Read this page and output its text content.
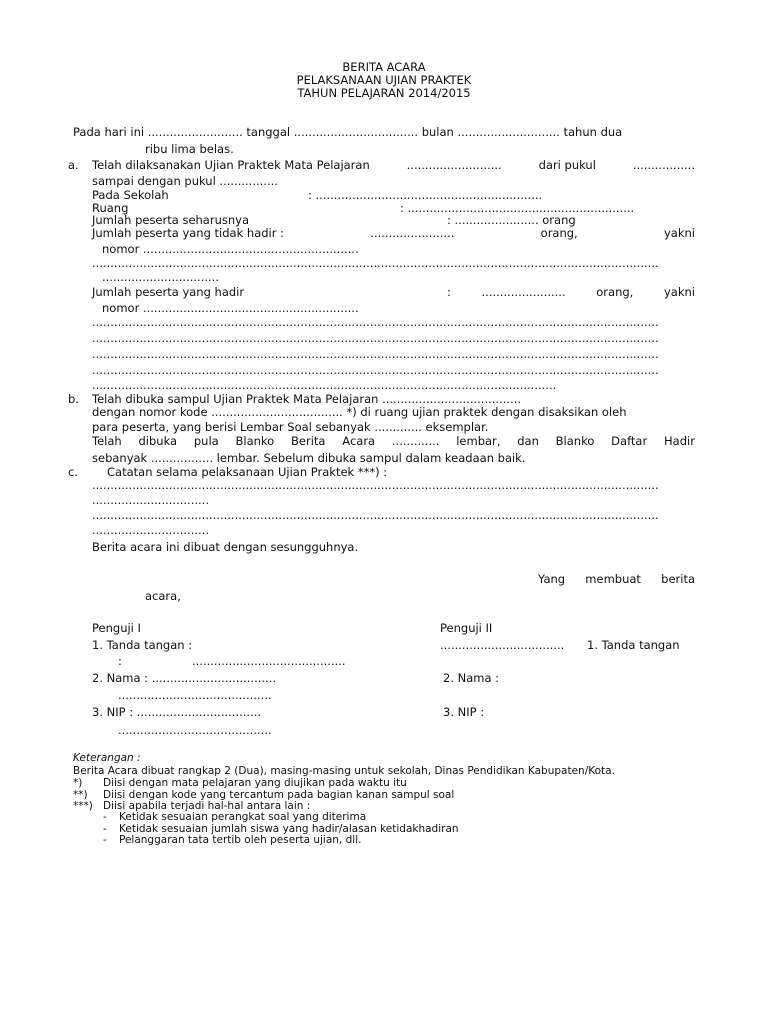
BERITA ACARA
PELAKSANAAN UJIAN PRAKTEK
TAHUN PELAJARAN 2014/2015
Pada hari ini .......................... tanggal .................................. bulan ............................ tahun dua
ribu lima belas.
a. Telah dilaksanakan Ujian Praktek Mata Pelajaran	..........................	dari pukul	.................
sampai dengan pukul ................
Pada Sekolah	: ..............................................................
Ruang	: ..............................................................
Jumlah peserta seharusnya	: ....................... orang
Jumlah peserta yang tidak hadir :	.......................	orang,	yakni
nomor ...........................................................
...........................................................................................................................................................
................................
Jumlah peserta yang hadir	:	.......................	orang,	yakni
nomor ...........................................................
...........................................................................................................................................................
...........................................................................................................................................................
...........................................................................................................................................................
...........................................................................................................................................................
...............................................................................................................................
b. Telah dibuka sampul Ujian Praktek Mata Pelajaran ......................................
dengan nomor kode .................................... *) di ruang ujian praktek dengan disaksikan oleh
para peserta, yang berisi Lembar Soal sebanyak ............. eksemplar.
Telah dibuka pula Blanko Berita Acara ............. lembar, dan Blanko Daftar Hadir
sebanyak ................. lembar. Sebelum dibuka sampul dalam keadaan baik.
c.	Catatan selama pelaksanaan Ujian Praktek ***) :
...........................................................................................................................................................
................................
...........................................................................................................................................................
................................
Berita acara ini dibuat dengan sesungguhnya.
Yang membuat berita
acara,
Penguji I	Penguji II
1. Tanda tangan :	.................................. 1. Tanda tangan
:	..........................................
2. Nama : ..................................	2. Nama :
..........................................
3. NIP : ..................................	3. NIP :
..........................................
Keterangan :
Berita Acara dibuat rangkap 2 (Dua), masing-masing untuk sekolah, Dinas Pendidikan Kabupaten/Kota.
*) Diisi dengan mata pelajaran yang diujikan pada waktu itu
**) Diisi dengan kode yang tercantum pada bagian kanan sampul soal
***) Diisi apabila terjadi hal-hal antara lain :
- Ketidak sesuaian perangkat soal yang diterima
- Ketidak sesuaian jumlah siswa yang hadir/alasan ketidakhadiran
- Pelanggaran tata tertib oleh peserta ujian, dll.
